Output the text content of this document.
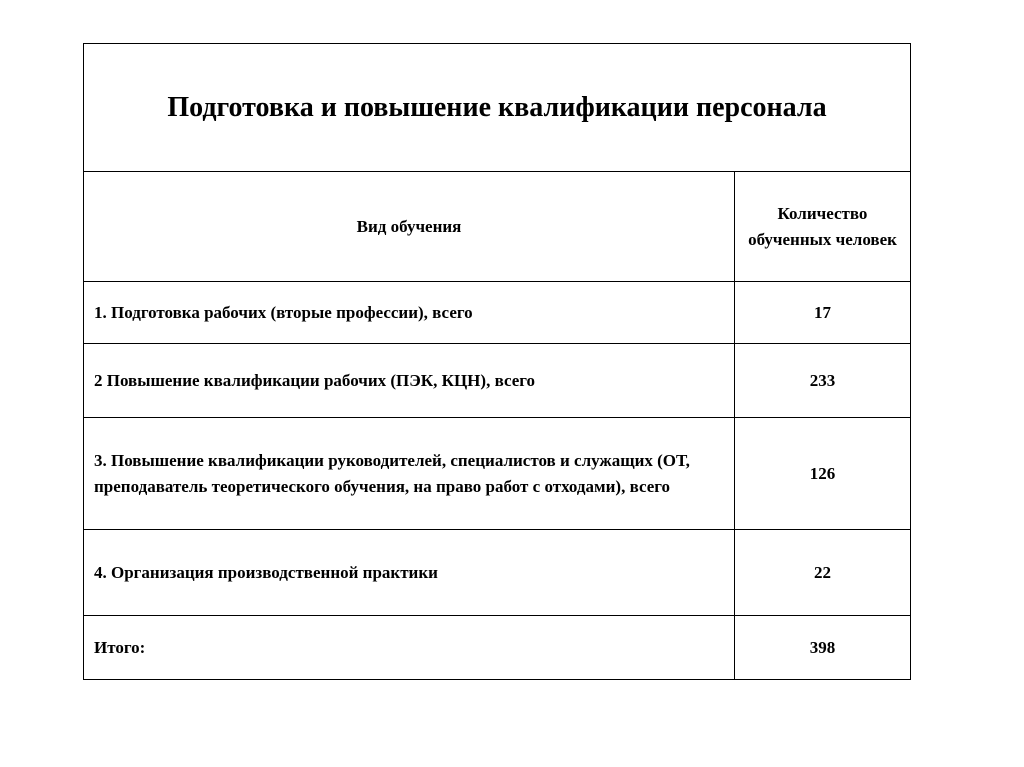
Подготовка и повышение квалификации персонала	
Вид обучения	Количество обученных человек
1. Подготовка рабочих (вторые профессии), всего	17
2 Повышение квалификации рабочих (ПЭК, КЦН), всего	233
3. Повышение квалификации руководителей, специалистов и служащих (ОТ, преподаватель теоретического обучения, на право работ с отходами), всего	126
4. Организация производственной практики	22
Итого:	398
